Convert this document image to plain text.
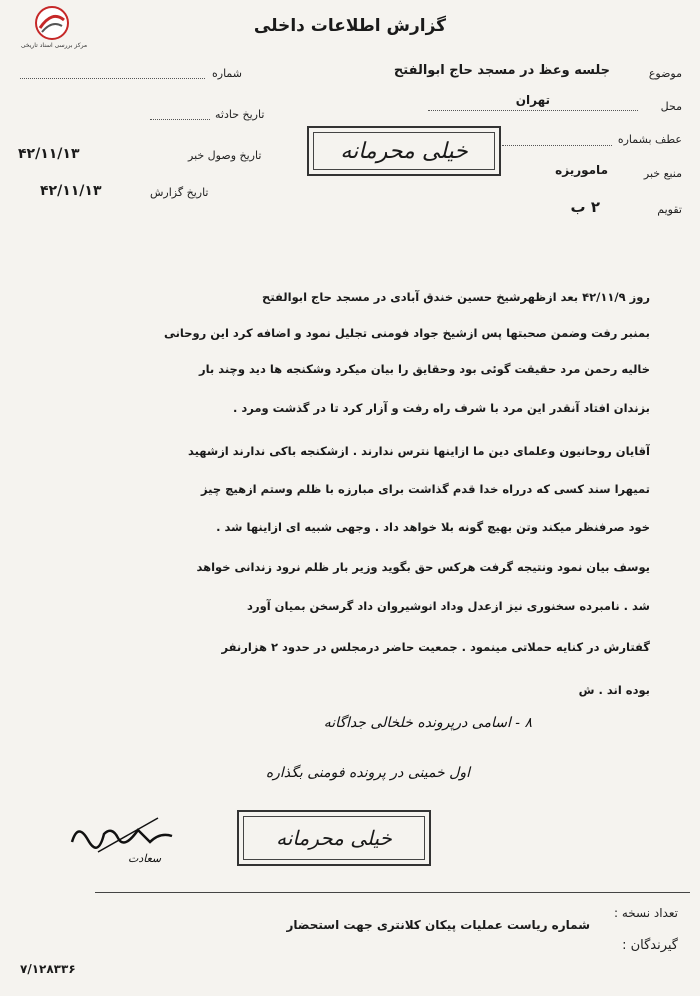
مرکز بررسی اسناد تاریخی
گزارش اطلاعات داخلی
موضوع
جلسه وعظ در مسجد حاج ابوالفتح
محل
تهران
عطف بشماره
منبع خبر
ماموریزه
تقویم
۲ ب
شماره
تاریخ حادثه
تاریخ وصول خبر
۴۲/۱۱/۱۳
تاریخ گزارش
۴۲/۱۱/۱۳
خیلی محرمانه
روز ۴۲/۱۱/۹ بعد ازظهرشیخ حسین خندق آبادی در مسجد حاج ابوالفتح
بمنبر رفت وضمن صحبتها پس ازشیخ جواد فومنی تجلیل نمود و اضافه کرد این روحانی
خالیه رحمن مرد حقیقت گوئی بود وحقایق را بیان میکرد وشکنجه ها دید وچند بار
بزندان افتاد آنقدر این مرد با شرف راه رفت و آزار کرد تا در گذشت ومرد .
آقایان روحانیون وعلمای دین ما ازاینها نترس ندارند . ازشکنجه باکی ندارند ازشهید
تمیهرا سند کسی که درراه خدا قدم گذاشت برای مبارزه با ظلم وستم ازهیچ چیز
خود صرفنظر میکند وتن بهیچ گونه بلا خواهد داد . وجهی شبیه ای ازاینها شد .
یوسف بیان نمود ونتیجه گرفت هرکس حق بگوید وزیر بار ظلم نرود زندانی خواهد
شد . نامبرده سخنوری نیز ازعدل وداد انوشیروان داد گرسخن بمیان آورد
گفتارش در کنایه حملاتی مینمود . جمعیت حاضر درمجلس در حدود ۲ هزارنفر
بوده اند . ش
۸ - اسامی درپرونده خلخالی جداگانه
اول خمینی در پرونده فومنی بگذاره
سعادت
خیلی محرمانه
تعداد نسخه :
شماره ریاست عملیات پیکان کلانتری جهت استحضار
گیرندگان :
۷/۱۲۸۳۳۶
